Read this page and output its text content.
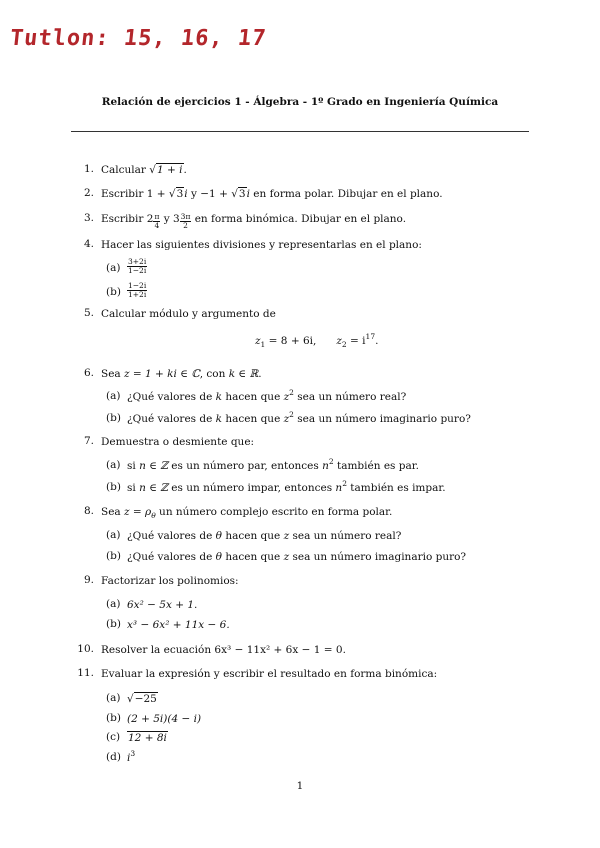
Tutlon: 15, 16, 17
Relación de ejercicios 1 - Álgebra - 1º Grado en Ingeniería Química
1. Calcular √1 + i.
2. Escribir 1 + √3i y −1 + √3i en forma polar. Dibujar en el plano.
3. Escribir $2 \frac{\pi}{4}$ y $3 \frac{3\pi}{2}$ en forma binómica. Dibujar en el plano.
4. Hacer las siguientes divisiones y representarlas en el plano:
$(a) \frac{3+2i}{1-2i}$
$(b) \frac{1-2i}{1+2i}$
5. Calcular módulo y argumento de
$z_1 = 8 + 6i$, $z_2 = i^{17}$.
6. Sea z = 1 + ki ∈ ℂ, con k ∈ ℝ.
(a) ¿Qué valores de k hacen que $z^2$ sea un número real?
(b) ¿Qué valores de k hacen que $z^2$ sea un número imaginario puro?
7. Demuestra o desmiente que:
(a) si n ∈ ℤ es un número par, entonces $n^2$ también es par.
(b) si n ∈ ℤ es un número impar, entonces $n^2$ también es impar.
8. Sea $z = \rho_\theta$ un número complejo escrito en forma polar.
(a) ¿Qué valores de θ hacen que z sea un número real?
(b) ¿Qué valores de θ hacen que z sea un número imaginario puro?
9. Factorizar los polinomios:
(a) 6x² − 5x + 1.
(b) x³ − 6x² + 11x − 6.
10. Resolver la ecuación 6x³ − 11x² + 6x − 1 = 0.
11. Evaluar la expresión y escribir el resultado en forma binómica:
(a) √−25
(b) (2 + 5i)(4 − i)
(c) 12 + 8i
(d) $i^3$
1
